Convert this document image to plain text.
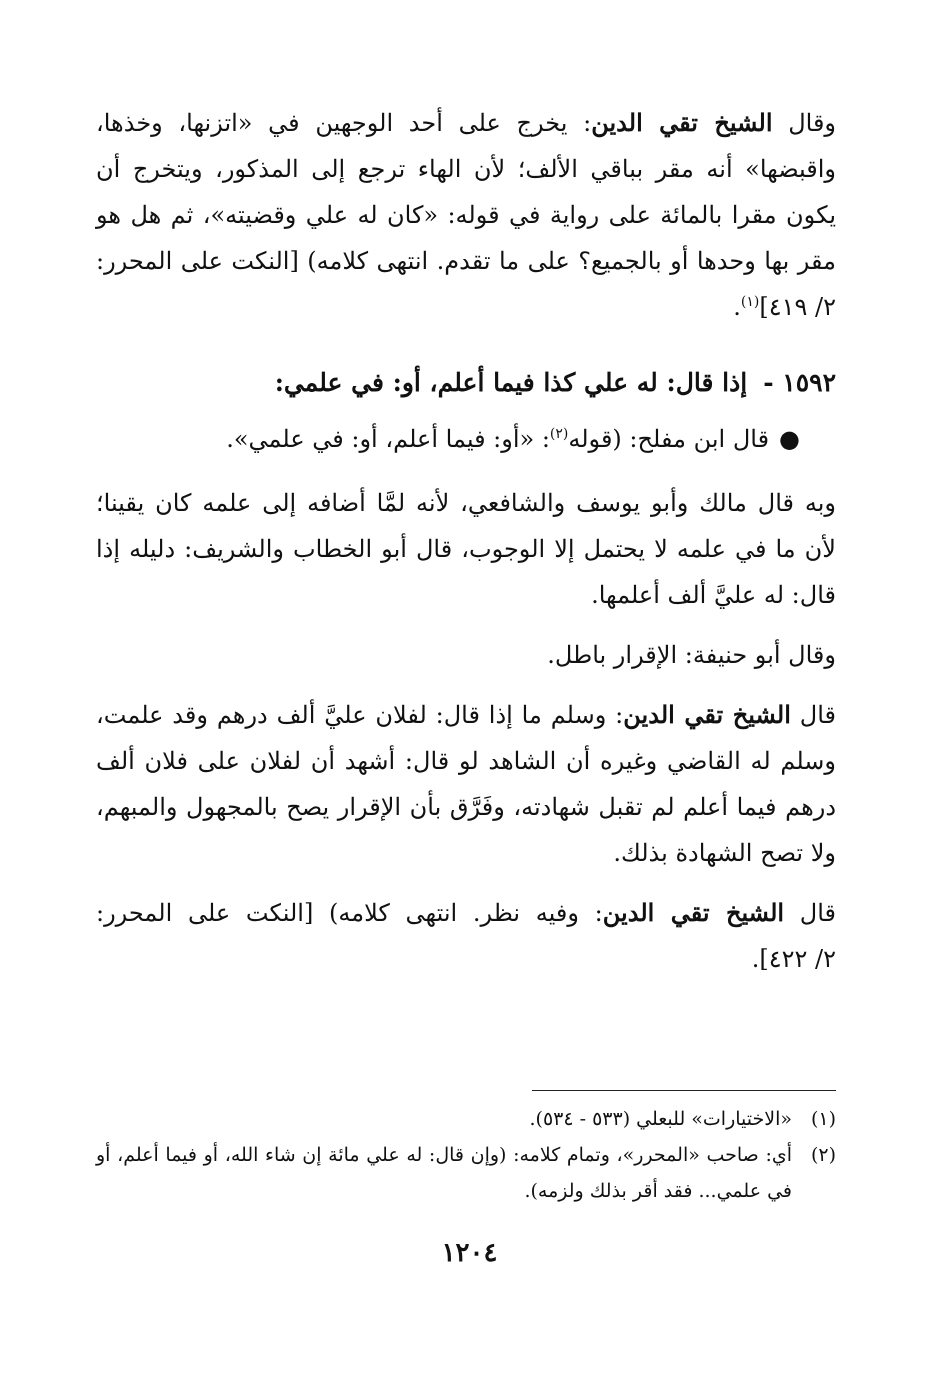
وقال الشيخ تقي الدين: يخرج على أحد الوجهين في «اتزنها، وخذها، واقبضها» أنه مقر بباقي الألف؛ لأن الهاء ترجع إلى المذكور، ويتخرج أن يكون مقرا بالمائة على رواية في قوله: «كان له علي وقضيته»، ثم هل هو مقر بها وحدها أو بالجميع؟ على ما تقدم. انتهى كلامه) [النكت على المحرر: ٢/ ٤١٩]$^{(١)}$.

١٥٩٢ -إذا قال: له علي كذا فيما أعلم، أو: في علمي:
●قال ابن مفلح: (قوله$^{(٢)}$: «أو: فيما أعلم، أو: في علمي».

وبه قال مالك وأبو يوسف والشافعي، لأنه لمَّا أضافه إلى علمه كان يقينا؛ لأن ما في علمه لا يحتمل إلا الوجوب، قال أبو الخطاب والشريف: دليله إذا قال: له عليَّ ألف أعلمها.

وقال أبو حنيفة: الإقرار باطل.

قال الشيخ تقي الدين: وسلم ما إذا قال: لفلان عليَّ ألف درهم وقد علمت، وسلم له القاضي وغيره أن الشاهد لو قال: أشهد أن لفلان على فلان ألف درهم فيما أعلم لم تقبل شهادته، وفَرَّق بأن الإقرار يصح بالمجهول والمبهم، ولا تصح الشهادة بذلك.

قال الشيخ تقي الدين: وفيه نظر. انتهى كلامه) [النكت على المحرر: ٢/ ٤٢٢].

(١)
«الاختيارات» للبعلي (٥٣٣ - ٥٣٤).
(٢)
أي: صاحب «المحرر»، وتمام كلامه: (وإن قال: له علي مائة إن شاء الله، أو فيما أعلم، أو في علمي... فقد أقر بذلك ولزمه).
١٢٠٤
